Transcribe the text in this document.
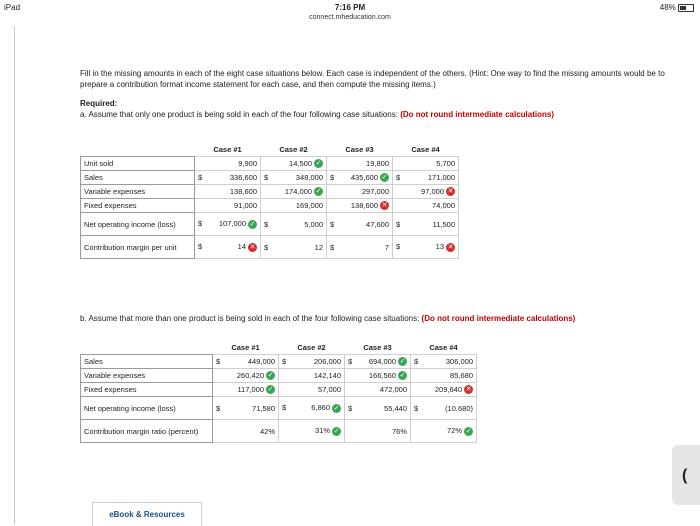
iPad	7:16 PM
connect.mheducation.com
48%
Fill in the missing amounts in each of the eight case situations below. Each case is independent of the others. (Hint: One way to find the missing amounts would be to prepare a contribution format income statement for each case, and then compute the missing items.)
Required:
a. Assume that only one product is being sold in each of the four following case situations: (Do not round intermediate calculations)
	Case #1	Case #2	Case #3	Case #4
Unit sold	9,900	14,500 ✓	19,800	5,700
Sales	$ 336,600	$ 348,000	$ 435,600 ✓	$ 171,000
Variable expenses	138,600	174,000 ✓	297,000	97,000 ✕
Fixed expenses	91,000	169,000	138,600 ✕	74,000
Net operating income (loss)	$ 107,000 ✓	$ 5,000	$ 47,600	$ 11,500
Contribution margin per unit	$ 14 ✕	$ 12	$ 7	$ 13 ✕
b. Assume that more than one product is being sold in each of the four following case situations: (Do not round intermediate calculations)
	Case #1	Case #2	Case #3	Case #4
Sales	$ 449,000	$ 206,000	$ 694,000 ✓	$ 306,000
Variable expenses	260,420 ✓	142,140	166,560 ✓	85,680
Fixed expenses	117,000 ✓	57,000	472,000	209,640 ✕
Net operating income (loss)	$ 71,580	$ 6,860 ✓	$ 55,440	$ (10,680)
Contribution margin ratio (percent)	42%	31% ✓	76%	72% ✓
eBook & Resources
(
